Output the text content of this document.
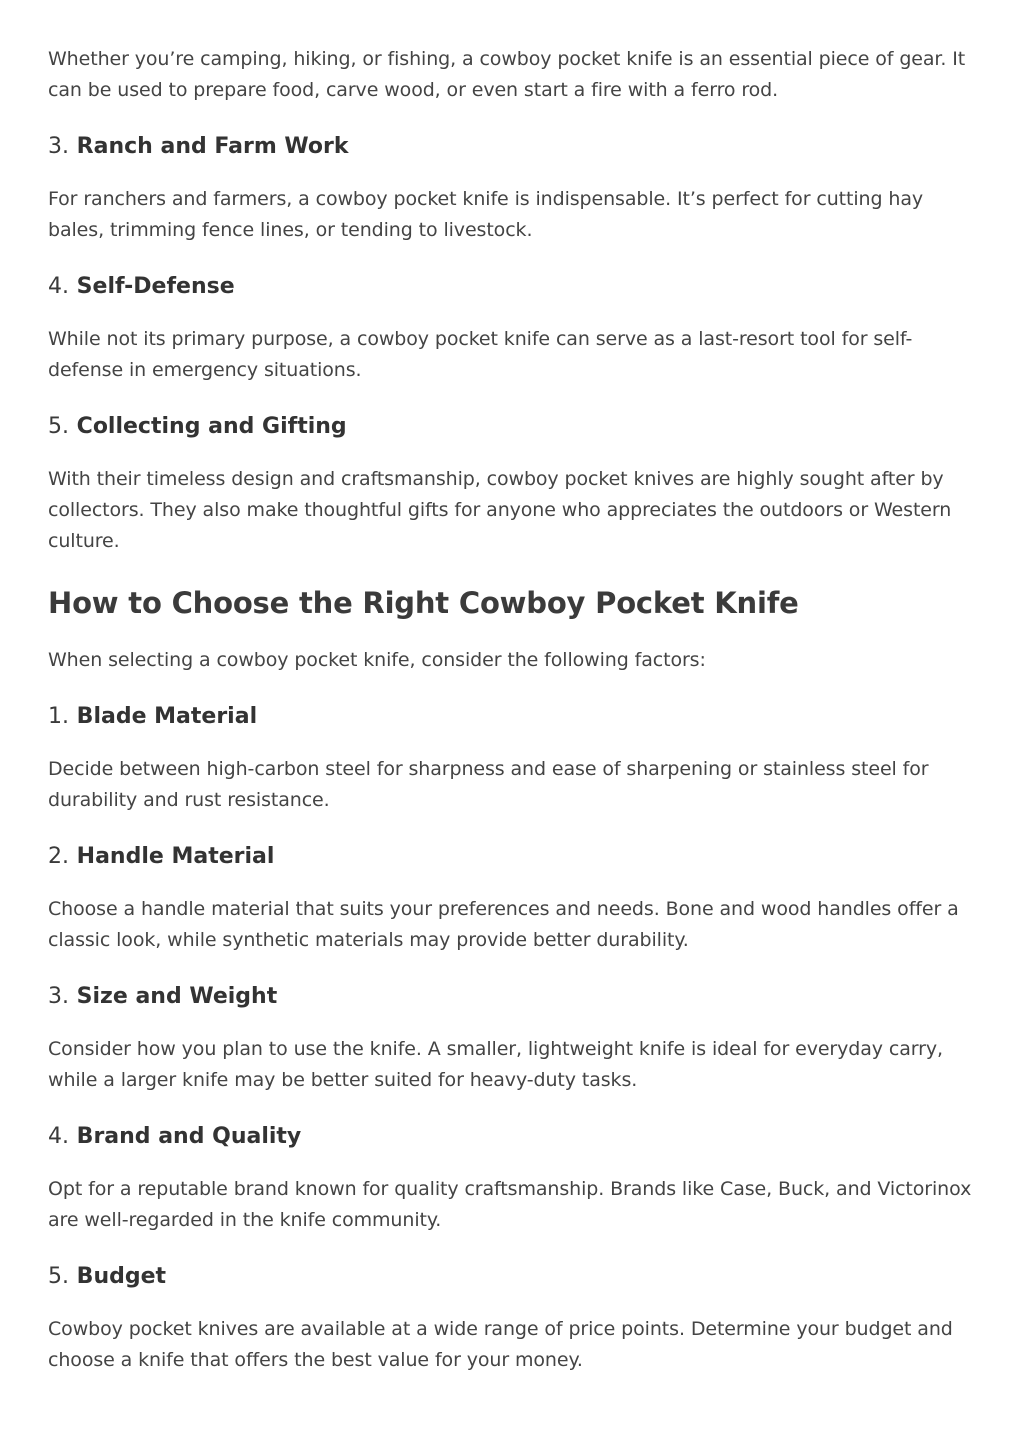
Whether you’re camping, hiking, or fishing, a cowboy pocket knife is an essential piece of gear. It can be used to prepare food, carve wood, or even start a fire with a ferro rod.

3. Ranch and Farm Work

For ranchers and farmers, a cowboy pocket knife is indispensable. It’s perfect for cutting hay bales, trimming fence lines, or tending to livestock.

4. Self-Defense

While not its primary purpose, a cowboy pocket knife can serve as a last-resort tool for self-defense in emergency situations.

5. Collecting and Gifting

With their timeless design and craftsmanship, cowboy pocket knives are highly sought after by collectors. They also make thoughtful gifts for anyone who appreciates the outdoors or Western culture.

How to Choose the Right Cowboy Pocket Knife

When selecting a cowboy pocket knife, consider the following factors:

1. Blade Material

Decide between high-carbon steel for sharpness and ease of sharpening or stainless steel for durability and rust resistance.

2. Handle Material

Choose a handle material that suits your preferences and needs. Bone and wood handles offer a classic look, while synthetic materials may provide better durability.

3. Size and Weight

Consider how you plan to use the knife. A smaller, lightweight knife is ideal for everyday carry, while a larger knife may be better suited for heavy-duty tasks.

4. Brand and Quality

Opt for a reputable brand known for quality craftsmanship. Brands like Case, Buck, and Victorinox are well-regarded in the knife community.

5. Budget

Cowboy pocket knives are available at a wide range of price points. Determine your budget and choose a knife that offers the best value for your money.
